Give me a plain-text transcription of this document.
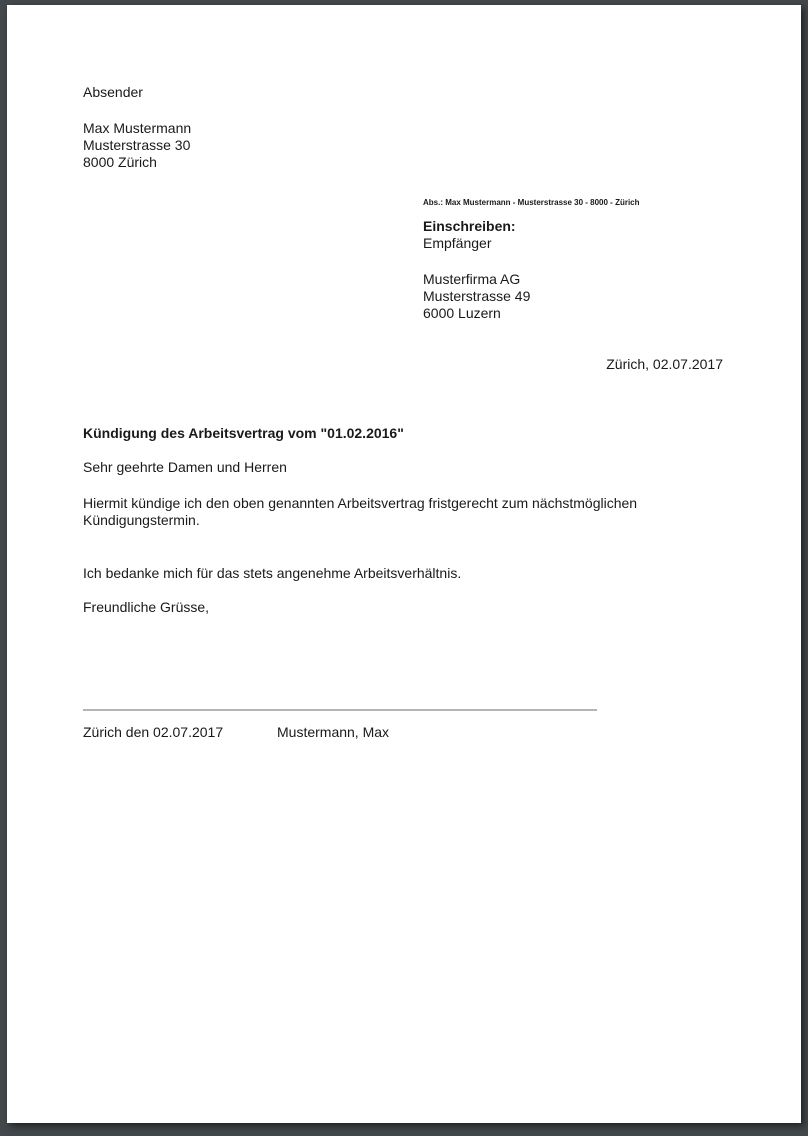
Absender
Max Mustermann
Musterstrasse 30
8000 Zürich
Abs.: Max Mustermann - Musterstrasse 30 - 8000 - Zürich
Einschreiben:
Empfänger
Musterfirma AG
Musterstrasse 49
6000 Luzern
Zürich, 02.07.2017
Kündigung des Arbeitsvertrag vom "01.02.2016"
Sehr geehrte Damen und Herren
Hiermit kündige ich den oben genannten Arbeitsvertrag fristgerecht zum nächstmöglichen Kündigungstermin.
Ich bedanke mich für das stets angenehme Arbeitsverhältnis.
Freundliche Grüsse,
Zürich den 02.07.2017	Mustermann, Max
